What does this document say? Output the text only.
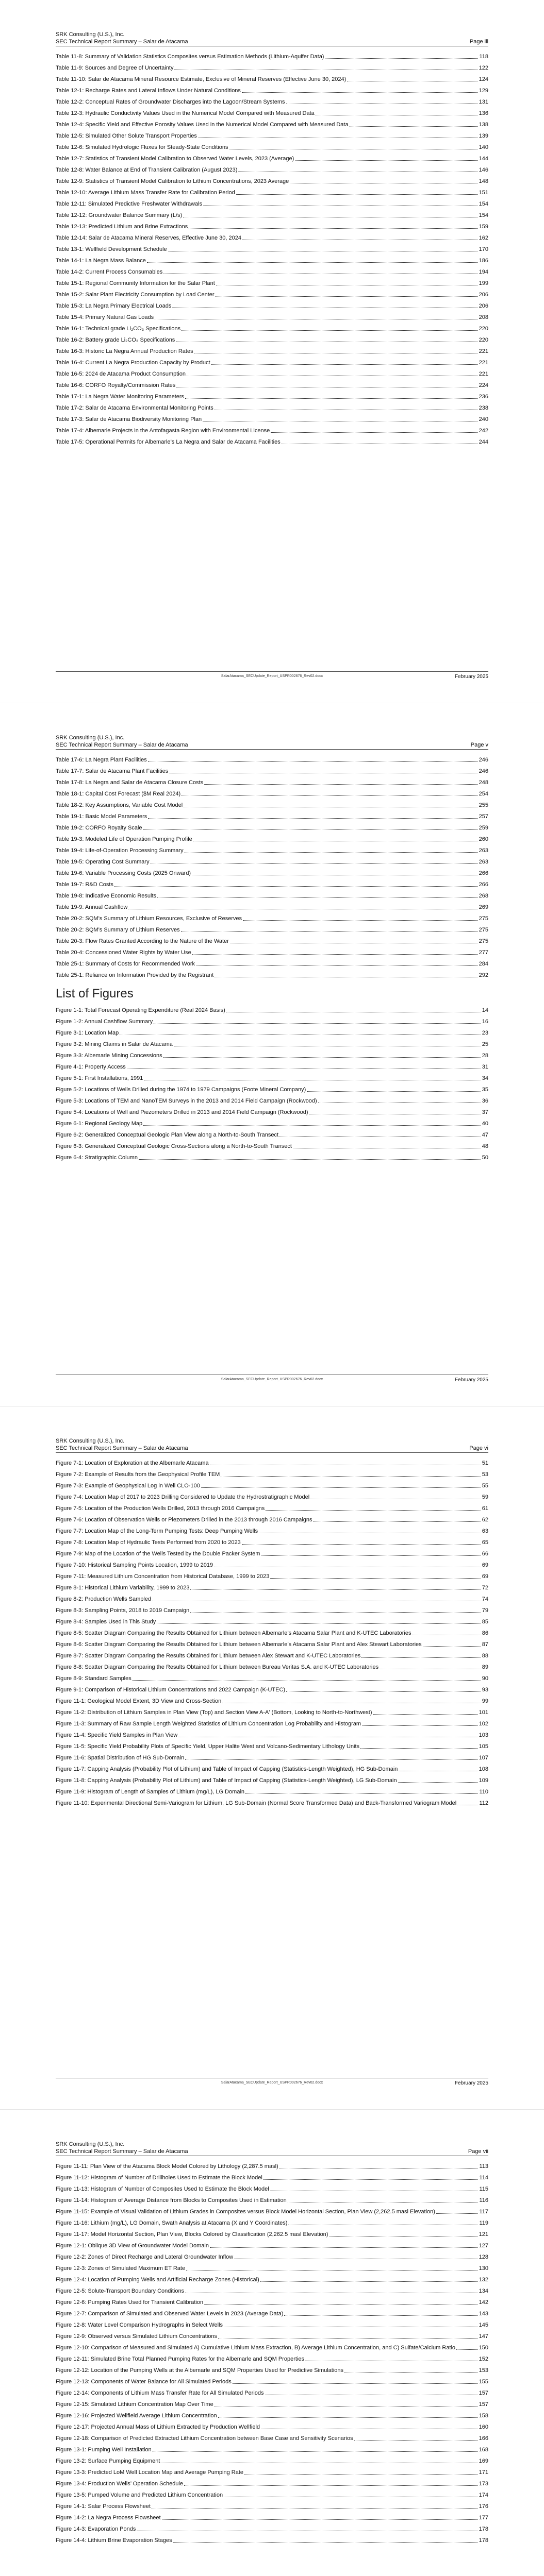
SRK Consulting (U.S.), Inc.
SEC Technical Report Summary – Salar de Atacama	Page iii
Table 11-8: Summary of Validation Statistics Composites versus Estimation Methods (Lithium-Aquifer Data)	118
Table 11-9: Sources and Degree of Uncertainty	122
Table 11-10: Salar de Atacama Mineral Resource Estimate, Exclusive of Mineral Reserves (Effective June 30, 2024)	124
Table 12-1: Recharge Rates and Lateral Inflows Under Natural Conditions	129
Table 12-2: Conceptual Rates of Groundwater Discharges into the Lagoon/Stream Systems	131
Table 12-3: Hydraulic Conductivity Values Used in the Numerical Model Compared with Measured Data	136
Table 12-4: Specific Yield and Effective Porosity Values Used in the Numerical Model Compared with Measured Data	138
Table 12-5: Simulated Other Solute Transport Properties	139
Table 12-6: Simulated Hydrologic Fluxes for Steady-State Conditions	140
Table 12-7: Statistics of Transient Model Calibration to Observed Water Levels, 2023 (Average)	144
Table 12-8: Water Balance at End of Transient Calibration (August 2023)	146
Table 12-9: Statistics of Transient Model Calibration to Lithium Concentrations, 2023 Average	148
Table 12-10: Average Lithium Mass Transfer Rate for Calibration Period	151
Table 12-11: Simulated Predictive Freshwater Withdrawals	154
Table 12-12: Groundwater Balance Summary (L/s)	154
Table 12-13: Predicted Lithium and Brine Extractions	159
Table 12-14: Salar de Atacama Mineral Reserves, Effective June 30, 2024	162
Table 13-1: Wellfield Development Schedule	170
Table 14-1: La Negra Mass Balance	186
Table 14-2: Current Process Consumables	194
Table 15-1: Regional Community Information for the Salar Plant	199
Table 15-2: Salar Plant Electricity Consumption by Load Center	206
Table 15-3: La Negra Primary Electrical Loads	206
Table 15-4: Primary Natural Gas Loads	208
Table 16-1: Technical grade Li₂CO₃ Specifications	220
Table 16-2: Battery grade Li₂CO₃ Specifications	220
Table 16-3: Historic La Negra Annual Production Rates	221
Table 16-4: Current La Negra Production Capacity by Product	221
Table 16-5: 2024 de Atacama Product Consumption	221
Table 16-6: CORFO Royalty/Commission Rates	224
Table 17-1: La Negra Water Monitoring Parameters	236
Table 17-2: Salar de Atacama Environmental Monitoring Points	238
Table 17-3: Salar de Atacama Biodiversity Monitoring Plan	240
Table 17-4: Albemarle Projects in the Antofagasta Region with Environmental License	242
Table 17-5: Operational Permits for Albemarle’s La Negra and Salar de Atacama Facilities	244
SalarAtacama_SECUpdate_Report_USPR002676_Rev02.docx	February 2025
SRK Consulting (U.S.), Inc.
SEC Technical Report Summary – Salar de Atacama	Page v
Table 17-6: La Negra Plant Facilities	246
Table 17-7: Salar de Atacama Plant Facilities	246
Table 17-8: La Negra and Salar de Atacama Closure Costs	248
Table 18-1: Capital Cost Forecast ($M Real 2024)	254
Table 18-2: Key Assumptions, Variable Cost Model	255
Table 19-1: Basic Model Parameters	257
Table 19-2: CORFO Royalty Scale	259
Table 19-3: Modeled Life of Operation Pumping Profile	260
Table 19-4: Life-of-Operation Processing Summary	263
Table 19-5: Operating Cost Summary	263
Table 19-6: Variable Processing Costs (2025 Onward)	266
Table 19-7: R&D Costs	266
Table 19-8: Indicative Economic Results	268
Table 19-9: Annual Cashflow	269
Table 20-2: SQM’s Summary of Lithium Resources, Exclusive of Reserves	275
Table 20-2: SQM’s Summary of Lithium Reserves	275
Table 20-3: Flow Rates Granted According to the Nature of the Water	275
Table 20-4: Concessioned Water Rights by Water Use	277
Table 25-1: Summary of Costs for Recommended Work	284
Table 25-1: Reliance on Information Provided by the Registrant	292
List of Figures
Figure 1-1: Total Forecast Operating Expenditure (Real 2024 Basis)	14
Figure 1-2: Annual Cashflow Summary	16
Figure 3-1: Location Map	23
Figure 3-2: Mining Claims in Salar de Atacama	25
Figure 3-3: Albemarle Mining Concessions	28
Figure 4-1: Property Access	31
Figure 5-1: First Installations, 1991	34
Figure 5-2: Locations of Wells Drilled during the 1974 to 1979 Campaigns (Foote Mineral Company)	35
Figure 5-3: Locations of TEM and NanoTEM Surveys in the 2013 and 2014 Field Campaign (Rockwood)	36
Figure 5-4: Locations of Well and Piezometers Drilled in 2013 and 2014 Field Campaign (Rockwood)	37
Figure 6-1: Regional Geology Map	40
Figure 6-2: Generalized Conceptual Geologic Plan View along a North-to-South Transect	47
Figure 6-3: Generalized Conceptual Geologic Cross-Sections along a North-to-South Transect	48
Figure 6-4: Stratigraphic Column	50
SalarAtacama_SECUpdate_Report_USPR002676_Rev02.docx	February 2025
SRK Consulting (U.S.), Inc.
SEC Technical Report Summary – Salar de Atacama	Page vi
Figure 7-1: Location of Exploration at the Albemarle Atacama	51
Figure 7-2: Example of Results from the Geophysical Profile TEM	53
Figure 7-3: Example of Geophysical Log in Well CLO-100	55
Figure 7-4: Location Map of 2017 to 2023 Drilling Considered to Update the Hydrostratigraphic Model	59
Figure 7-5: Location of the Production Wells Drilled, 2013 through 2016 Campaigns	61
Figure 7-6: Location of Observation Wells or Piezometers Drilled in the 2013 through 2016 Campaigns	62
Figure 7-7: Location Map of the Long-Term Pumping Tests: Deep Pumping Wells	63
Figure 7-8: Location Map of Hydraulic Tests Performed from 2020 to 2023	65
Figure 7-9: Map of the Location of the Wells Tested by the Double Packer System	66
Figure 7-10: Historical Sampling Points Location, 1999 to 2019	69
Figure 7-11: Measured Lithium Concentration from Historical Database, 1999 to 2023	69
Figure 8-1: Historical Lithium Variability, 1999 to 2023	72
Figure 8-2: Production Wells Sampled	74
Figure 8-3: Sampling Points, 2018 to 2019 Campaign	79
Figure 8-4: Samples Used in This Study	85
Figure 8-5: Scatter Diagram Comparing the Results Obtained for Lithium between Albemarle’s Atacama Salar Plant and K-UTEC Laboratories	86
Figure 8-6: Scatter Diagram Comparing the Results Obtained for Lithium between Albemarle’s Atacama Salar Plant and Alex Stewart Laboratories	87
Figure 8-7: Scatter Diagram Comparing the Results Obtained for Lithium between Alex Stewart and K-UTEC Laboratories	88
Figure 8-8: Scatter Diagram Comparing the Results Obtained for Lithium between Bureau Veritas S.A. and K-UTEC Laboratories	89
Figure 8-9: Standard Samples	90
Figure 9-1: Comparison of Historical Lithium Concentrations and 2022 Campaign (K-UTEC)	93
Figure 11-1: Geological Model Extent, 3D View and Cross-Section	99
Figure 11-2: Distribution of Lithium Samples in Plan View (Top) and Section View A-A' (Bottom, Looking to North-to-Northwest)	101
Figure 11-3: Summary of Raw Sample Length Weighted Statistics of Lithium Concentration Log Probability and Histogram	102
Figure 11-4: Specific Yield Samples in Plan View	103
Figure 11-5: Specific Yield Probability Plots of Specific Yield, Upper Halite West and Volcano-Sedimentary Lithology Units	105
Figure 11-6: Spatial Distribution of HG Sub-Domain	107
Figure 11-7: Capping Analysis (Probability Plot of Lithium) and Table of Impact of Capping (Statistics-Length Weighted), HG Sub-Domain	108
Figure 11-8: Capping Analysis (Probability Plot of Lithium) and Table of Impact of Capping (Statistics-Length Weighted), LG Sub-Domain	109
Figure 11-9: Histogram of Length of Samples of Lithium (mg/L), LG Domain	110
Figure 11-10: Experimental Directional Semi-Variogram for Lithium, LG Sub-Domain (Normal Score Transformed Data) and Back-Transformed Variogram Model	112
SalarAtacama_SECUpdate_Report_USPR002676_Rev02.docx	February 2025
SRK Consulting (U.S.), Inc.
SEC Technical Report Summary – Salar de Atacama	Page vii
Figure 11-11: Plan View of the Atacama Block Model Colored by Lithology (2,287.5 masl)	113
Figure 11-12: Histogram of Number of Drillholes Used to Estimate the Block Model	114
Figure 11-13: Histogram of Number of Composites Used to Estimate the Block Model	115
Figure 11-14: Histogram of Average Distance from Blocks to Composites Used in Estimation	116
Figure 11-15: Example of Visual Validation of Lithium Grades in Composites versus Block Model Horizontal Section, Plan View (2,262.5 masl Elevation)	117
Figure 11-16: Lithium (mg/L), LG Domain, Swath Analysis at Atacama (X and Y Coordinates)	119
Figure 11-17: Model Horizontal Section, Plan View, Blocks Colored by Classification (2,262.5 masl Elevation)	121
Figure 12-1: Oblique 3D View of Groundwater Model Domain	127
Figure 12-2: Zones of Direct Recharge and Lateral Groundwater Inflow	128
Figure 12-3: Zones of Simulated Maximum ET Rate	130
Figure 12-4: Location of Pumping Wells and Artificial Recharge Zones (Historical)	132
Figure 12-5: Solute-Transport Boundary Conditions	134
Figure 12-6: Pumping Rates Used for Transient Calibration	142
Figure 12-7: Comparison of Simulated and Observed Water Levels in 2023 (Average Data)	143
Figure 12-8: Water Level Comparison Hydrographs in Select Wells	145
Figure 12-9: Observed versus Simulated Lithium Concentrations	147
Figure 12-10: Comparison of Measured and Simulated A) Cumulative Lithium Mass Extraction, B) Average Lithium Concentration, and C) Sulfate/Calcium Ratio	150
Figure 12-11: Simulated Brine Total Planned Pumping Rates for the Albemarle and SQM Properties	152
Figure 12-12: Location of the Pumping Wells at the Albemarle and SQM Properties Used for Predictive Simulations	153
Figure 12-13: Components of Water Balance for All Simulated Periods	155
Figure 12-14: Components of Lithium Mass Transfer Rate for All Simulated Periods	157
Figure 12-15: Simulated Lithium Concentration Map Over Time	157
Figure 12-16: Projected Wellfield Average Lithium Concentration	158
Figure 12-17: Projected Annual Mass of Lithium Extracted by Production Wellfield	160
Figure 12-18: Comparison of Predicted Extracted Lithium Concentration between Base Case and Sensitivity Scenarios	166
Figure 13-1: Pumping Well Installation	168
Figure 13-2: Surface Pumping Equipment	169
Figure 13-3: Predicted LoM Well Location Map and Average Pumping Rate	171
Figure 13-4: Production Wells’ Operation Schedule	173
Figure 13-5: Pumped Volume and Predicted Lithium Concentration	174
Figure 14-1: Salar Process Flowsheet	176
Figure 14-2: La Negra Process Flowsheet	177
Figure 14-3: Evaporation Ponds	178
Figure 14-4: Lithium Brine Evaporation Stages	178
